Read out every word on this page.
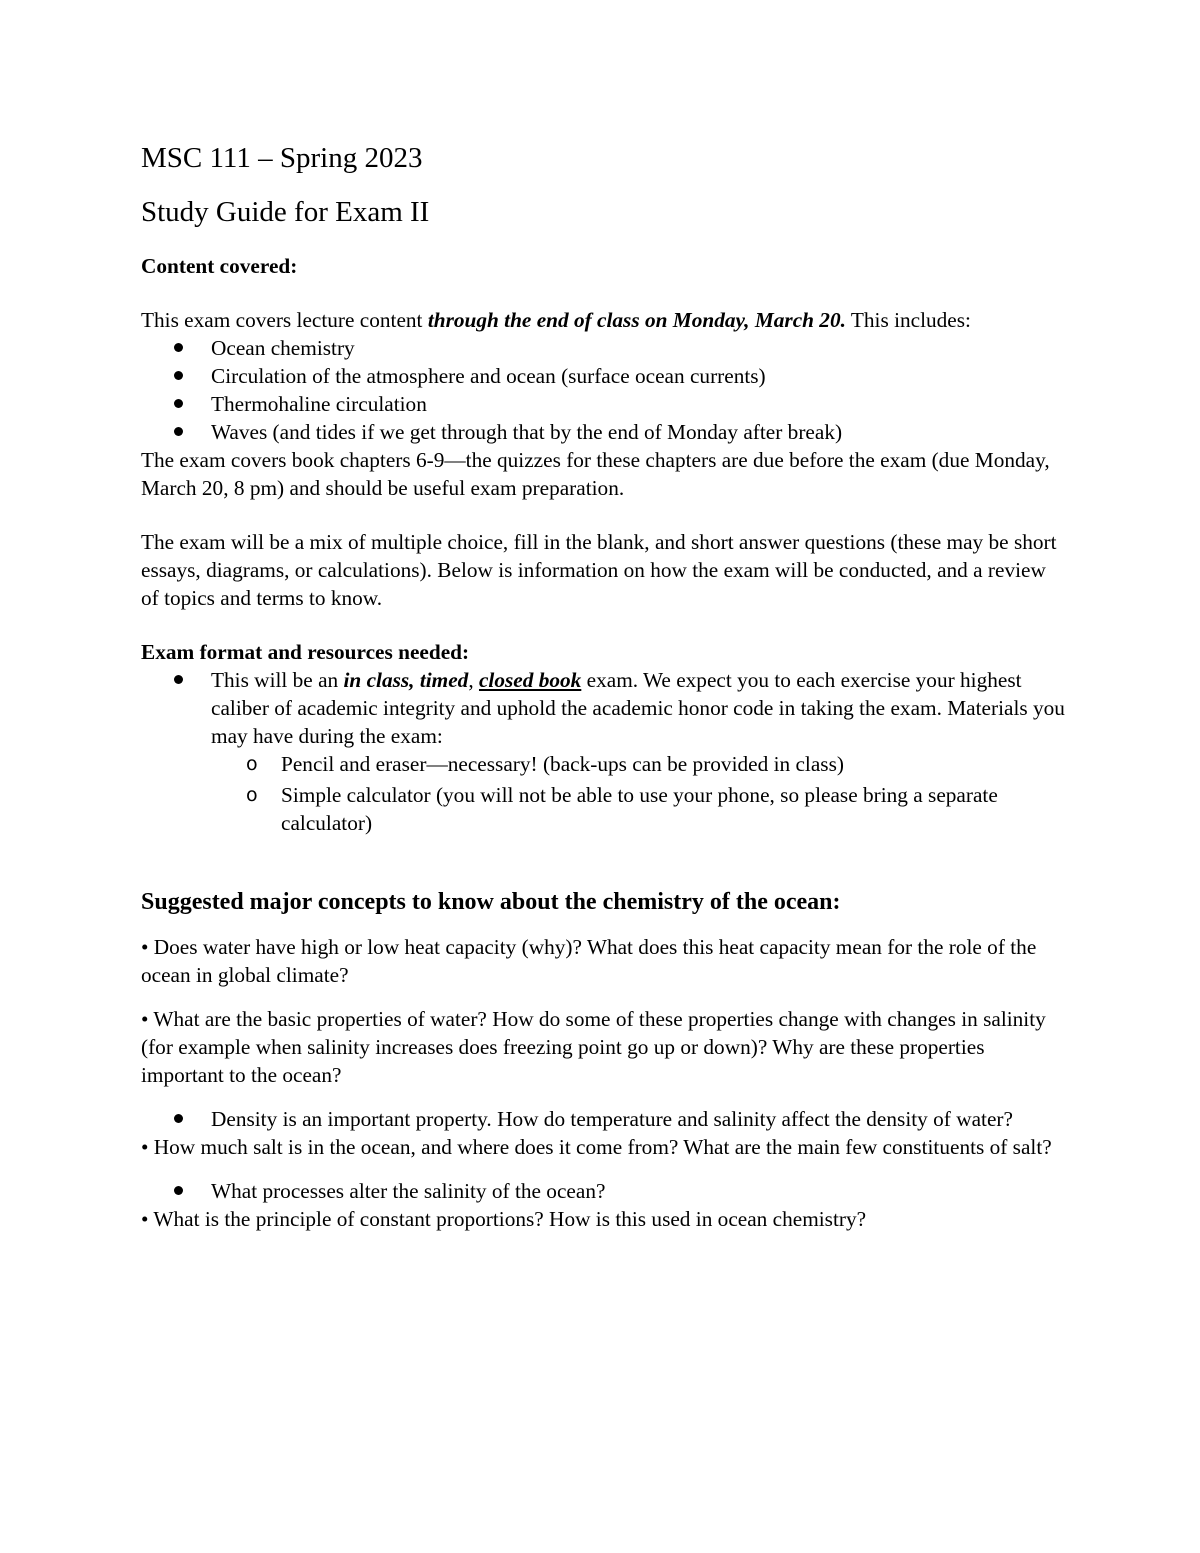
MSC 111 – Spring 2023
Study Guide for Exam II

Content covered:

This exam covers lecture content through the end of class on Monday, March 20. This includes:

Ocean chemistry
Circulation of the atmosphere and ocean (surface ocean currents)
Thermohaline circulation
Waves (and tides if we get through that by the end of Monday after break)

The exam covers book chapters 6-9—the quizzes for these chapters are due before the exam (due Monday, March 20, 8 pm) and should be useful exam preparation.

The exam will be a mix of multiple choice, fill in the blank, and short answer questions (these may be short essays, diagrams, or calculations). Below is information on how the exam will be conducted, and a review of topics and terms to know.

Exam format and resources needed:

This will be an in class, timed, closed book exam. We expect you to each exercise your highest caliber of academic integrity and uphold the academic honor code in taking the exam. Materials you may have during the exam:
o Pencil and eraser—necessary! (back-ups can be provided in class)
o Simple calculator (you will not be able to use your phone, so please bring a separate calculator)
Suggested major concepts to know about the chemistry of the ocean:

• Does water have high or low heat capacity (why)? What does this heat capacity mean for the role of the ocean in global climate?

• What are the basic properties of water? How do some of these properties change with changes in salinity (for example when salinity increases does freezing point go up or down)? Why are these properties important to the ocean?

Density is an important property. How do temperature and salinity affect the density of water?

• How much salt is in the ocean, and where does it come from? What are the main few constituents of salt?

What processes alter the salinity of the ocean?

• What is the principle of constant proportions? How is this used in ocean chemistry?
